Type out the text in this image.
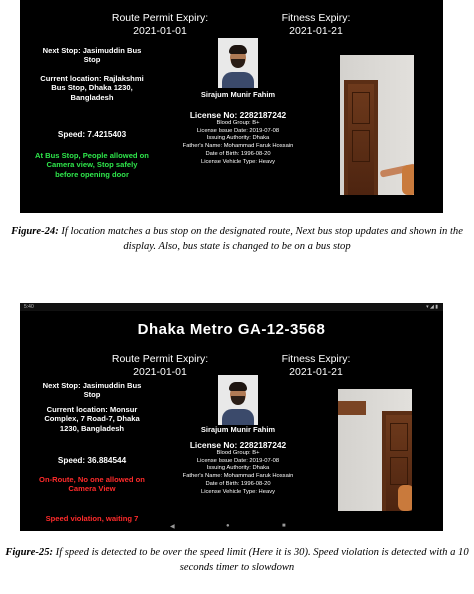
Route Permit Expiry:
2021-01-01
Fitness Expiry:
2021-01-21
Next Stop: Jasimuddin Bus Stop
Current location: Rajlakshmi Bus Stop, Dhaka 1230, Bangladesh
Speed: 7.4215403
At Bus Stop, People allowed on Camera view, Stop safely before opening door
Sirajum Munir Fahim
License No: 2282187242
Blood Group: B+
License Issue Date: 2019-07-08
Issuing Authority: Dhaka
Father's Name: Mohammad Faruk Hossain
Date of Birth: 1996-08-20
License Vehicle Type: Heavy
Figure-24: If location matches a bus stop on the designated route, Next bus stop updates and shown in the display. Also, bus state is changed to be on a bus stop
5:40	▾ ◢ ▮
Dhaka Metro GA-12-3568
Route Permit Expiry:
2021-01-01
Fitness Expiry:
2021-01-21
Next Stop: Jasimuddin Bus Stop
Current location: Monsur Complex, 7 Road-7, Dhaka 1230, Bangladesh
Speed: 36.884544
On-Route, No one allowed on Camera View
Speed violation, waiting 7
Sirajum Munir Fahim
License No: 2282187242
Blood Group: B+
License Issue Date: 2019-07-08
Issuing Authority: Dhaka
Father's Name: Mohammad Faruk Hossain
Date of Birth: 1996-08-20
License Vehicle Type: Heavy
◀	●	■
Figure-25: If speed is detected to be over the speed limit (Here it is 30). Speed violation is detected with a 10 seconds timer to slowdown
